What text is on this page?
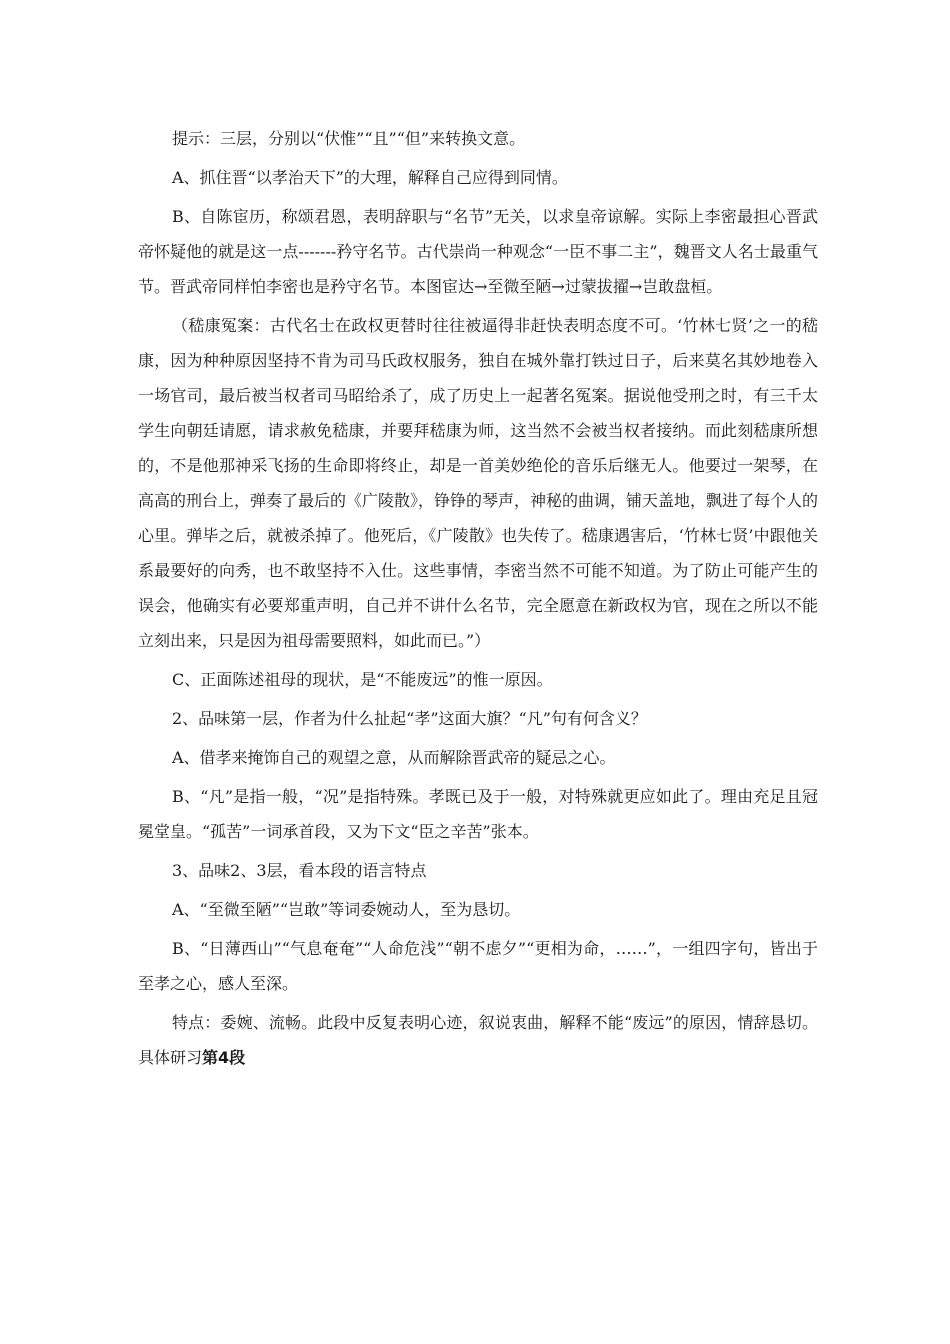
提示：三层，分别以“伏惟”“且”“但”来转换文意。

A、抓住晋“以孝治天下”的大理，解释自己应得到同情。

B、自陈宦历，称颂君恩，表明辞职与“名节”无关，以求皇帝谅解。实际上李密最担心晋武帝怀疑他的就是这一点-------矜守名节。古代崇尚一种观念“一臣不事二主”，魏晋文人名士最重气节。晋武帝同样怕李密也是矜守名节。本图宦达→至微至陋→过蒙拔擢→岂敢盘桓。

（嵇康冤案：古代名士在政权更替时往往被逼得非赶快表明态度不可。‘竹林七贤’之一的嵇康，因为种种原因坚持不肯为司马氏政权服务，独自在城外靠打铁过日子，后来莫名其妙地卷入一场官司，最后被当权者司马昭给杀了，成了历史上一起著名冤案。据说他受刑之时，有三千太学生向朝廷请愿，请求赦免嵇康，并要拜嵇康为师，这当然不会被当权者接纳。而此刻嵇康所想的，不是他那神采飞扬的生命即将终止，却是一首美妙绝伦的音乐后继无人。他要过一架琴，在高高的刑台上，弹奏了最后的《广陵散》，铮铮的琴声，神秘的曲调，铺天盖地，飘进了每个人的心里。弹毕之后，就被杀掉了。他死后，《广陵散》也失传了。嵇康遇害后，‘竹林七贤’中跟他关系最要好的向秀，也不敢坚持不入仕。这些事情，李密当然不可能不知道。为了防止可能产生的误会，他确实有必要郑重声明，自己并不讲什么名节，完全愿意在新政权为官，现在之所以不能立刻出来，只是因为祖母需要照料，如此而已。”）

C、正面陈述祖母的现状，是“不能废远”的惟一原因。

2、品味第一层，作者为什么扯起“孝”这面大旗？“凡”句有何含义？

A、借孝来掩饰自己的观望之意，从而解除晋武帝的疑忌之心。

B、“凡”是指一般，“况”是指特殊。孝既已及于一般，对特殊就更应如此了。理由充足且冠冕堂皇。“孤苦”一词承首段，又为下文“臣之辛苦”张本。

3、品味2、3层，看本段的语言特点

A、“至微至陋”“岂敢”等词委婉动人，至为恳切。

B、“日薄西山”“气息奄奄”“人命危浅”“朝不虑夕”“更相为命，……”，一组四字句，皆出于至孝之心，感人至深。

特点：委婉、流畅。此段中反复表明心迹，叙说衷曲，解释不能“废远”的原因，情辞恳切。具体研习第4段
